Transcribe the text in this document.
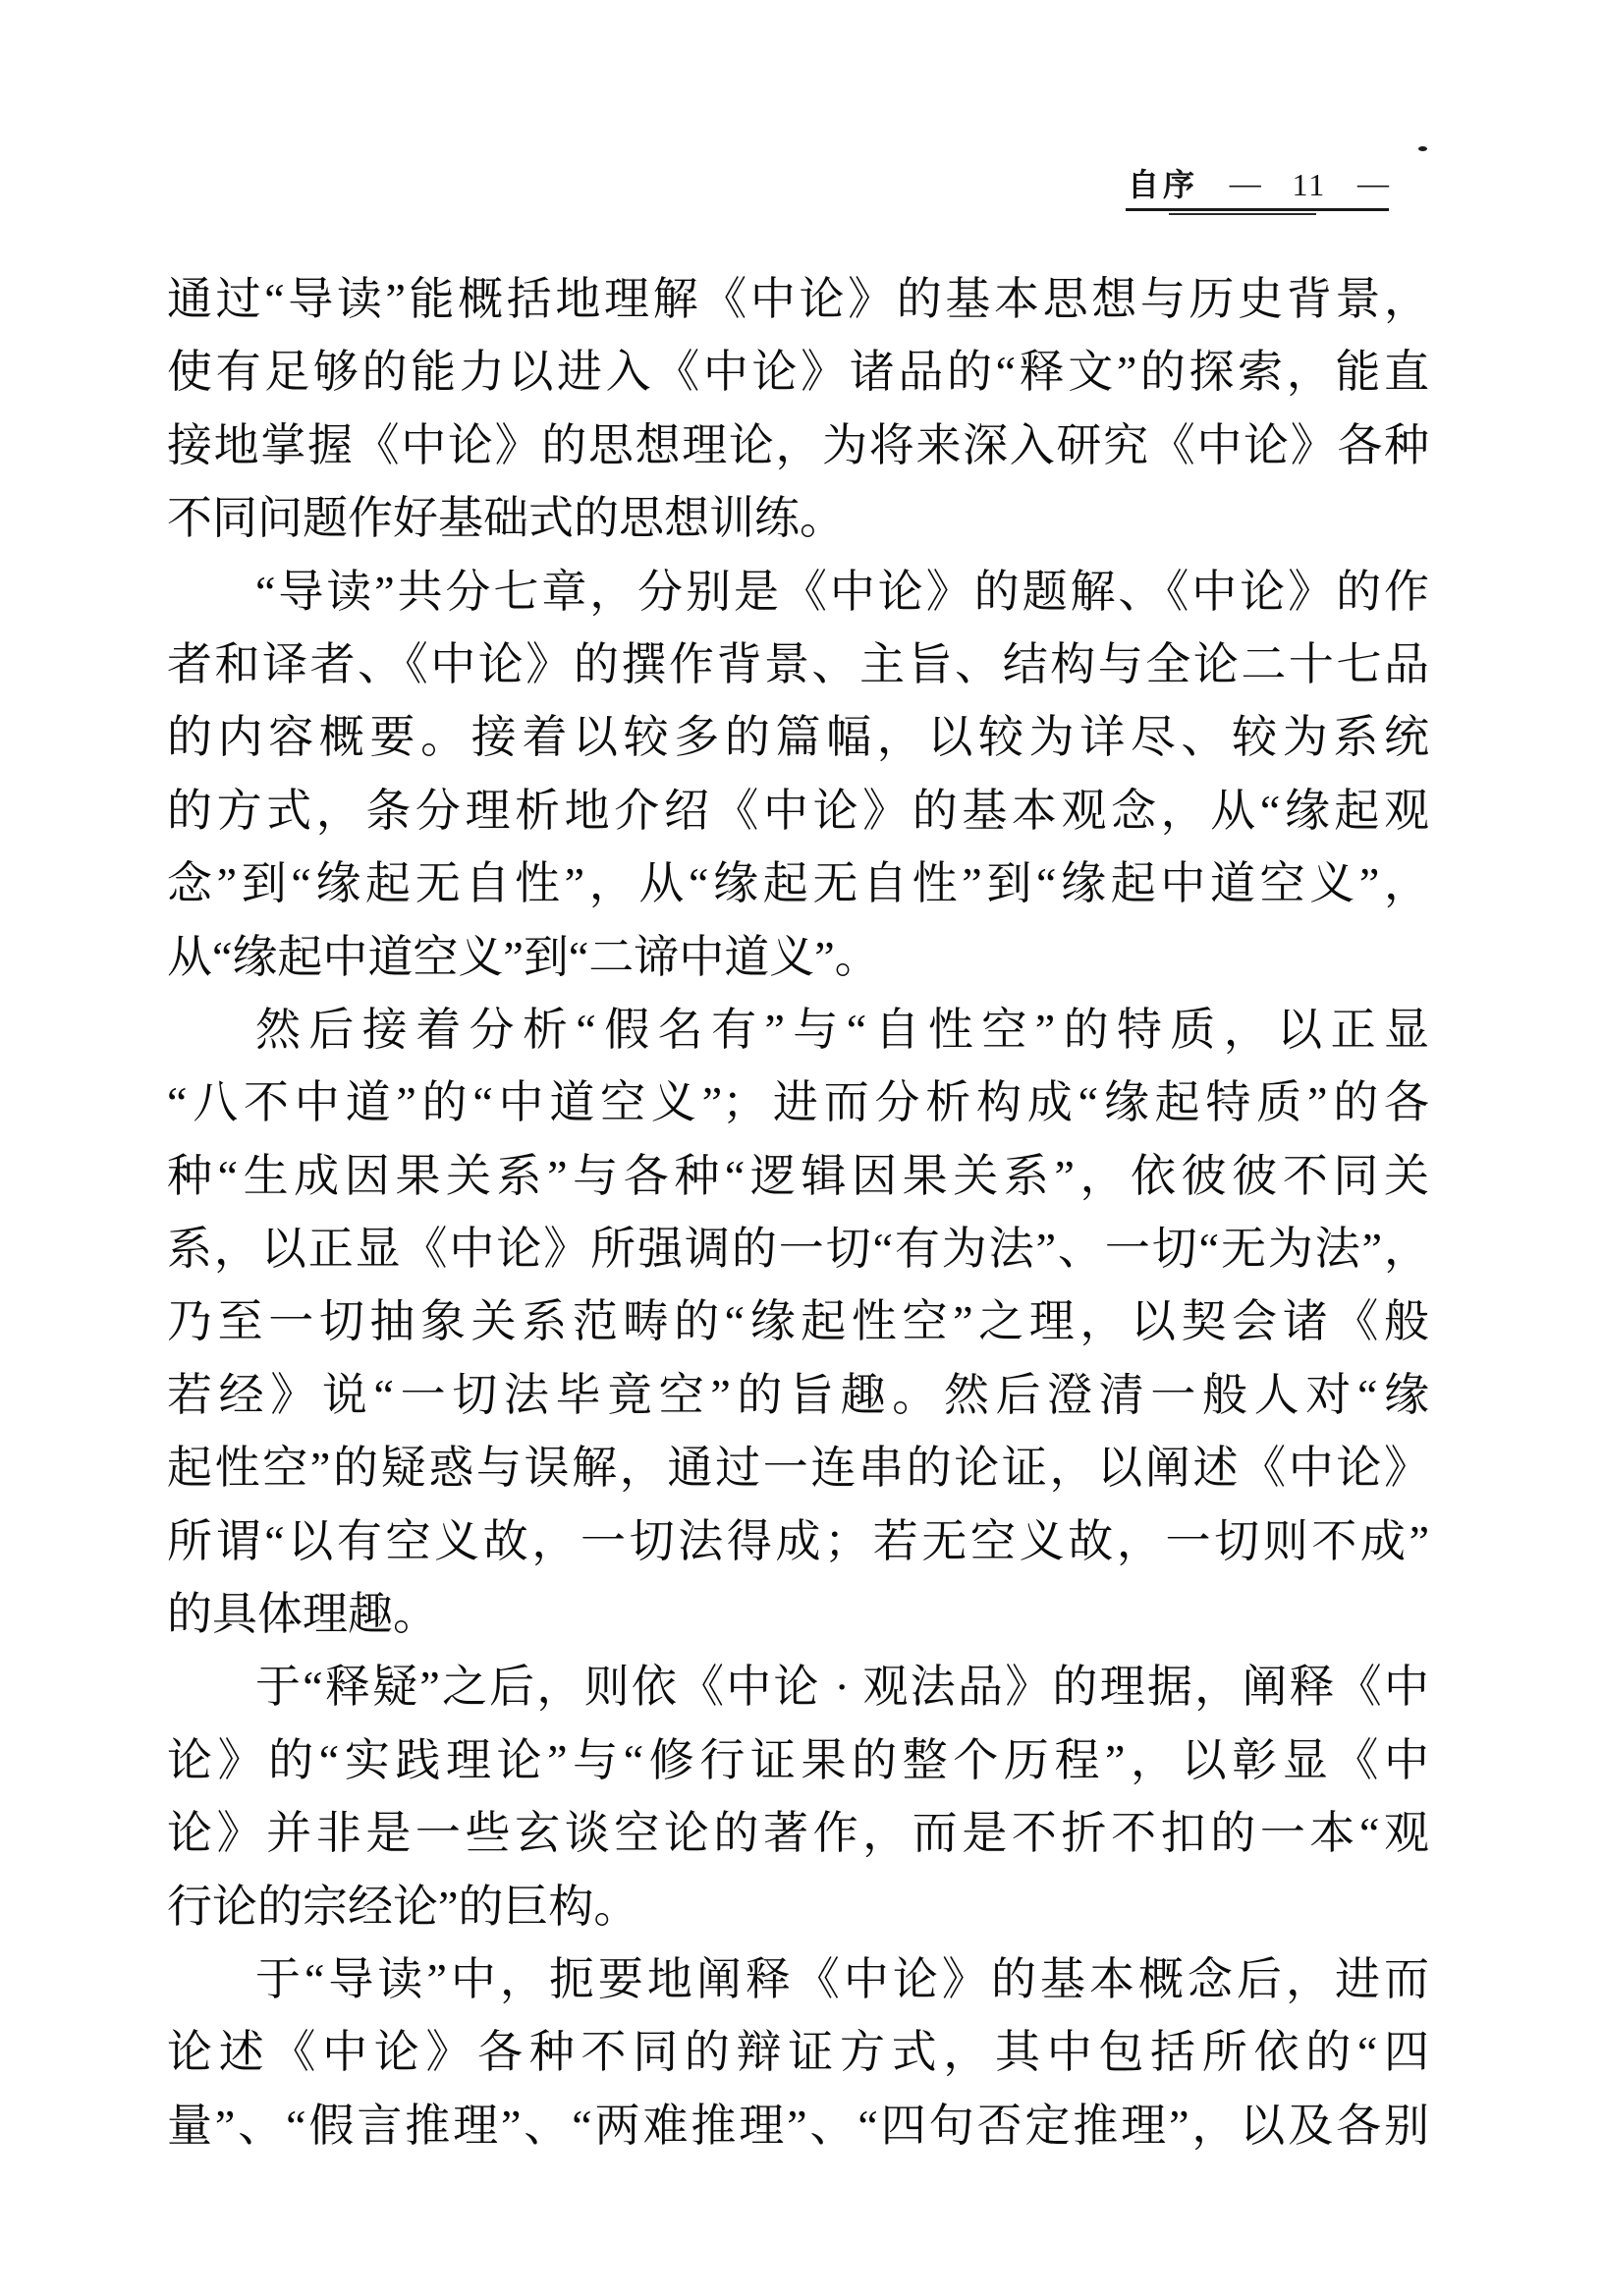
自序 — 11 —
通过“导读”能概括地理解《中论》的基本思想与历史背景，
使有足够的能力以进入《中论》诸品的“释文”的探索，能直
接地掌握《中论》的思想理论，为将来深入研究《中论》各种
不同问题作好基础式的思想训练。
“导读”共分七章，分别是《中论》的题解、《中论》的作
者和译者、《中论》的撰作背景、主旨、结构与全论二十七品
的内容概要。接着以较多的篇幅，以较为详尽、较为系统
的方式，条分理析地介绍《中论》的基本观念，从“缘起观
念”到“缘起无自性”，从“缘起无自性”到“缘起中道空义”，
从“缘起中道空义”到“二谛中道义”。
然后接着分析“假名有”与“自性空”的特质，以正显
“八不中道”的“中道空义”；进而分析构成“缘起特质”的各
种“生成因果关系”与各种“逻辑因果关系”，依彼彼不同关
系，以正显《中论》所强调的一切“有为法”、一切“无为法”，
乃至一切抽象关系范畴的“缘起性空”之理，以契会诸《般
若经》说“一切法毕竟空”的旨趣。然后澄清一般人对“缘
起性空”的疑惑与误解，通过一连串的论证，以阐述《中论》
所谓“以有空义故，一切法得成；若无空义故，一切则不成”
的具体理趣。
于“释疑”之后，则依《中论 · 观法品》的理据，阐释《中
论》的“实践理论”与“修行证果的整个历程”，以彰显《中
论》并非是一些玄谈空论的著作，而是不折不扣的一本“观
行论的宗经论”的巨构。
于“导读”中，扼要地阐释《中论》的基本概念后，进而
论述《中论》各种不同的辩证方式，其中包括所依的“四
量”、“假言推理”、“两难推理”、“四句否定推理”，以及各别
